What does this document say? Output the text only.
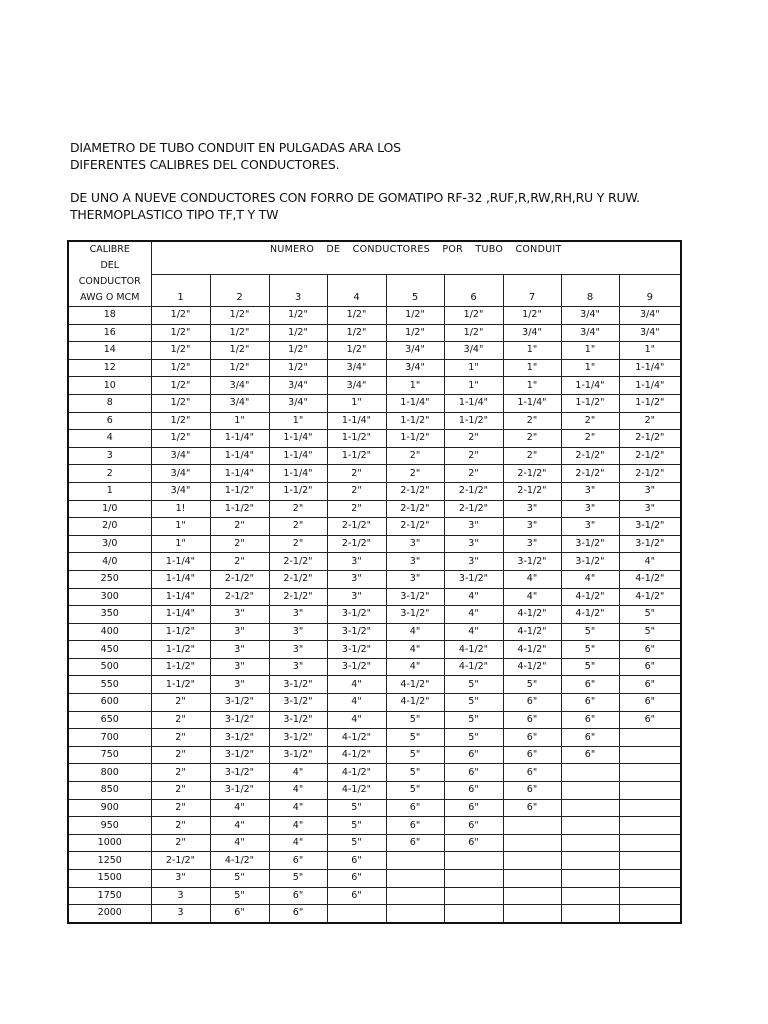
DIAMETRO DE TUBO CONDUIT EN PULGADAS ARA LOS

DIFERENTES CALIBRES DEL CONDUCTORES.

DE UNO A NUEVE CONDUCTORES CON FORRO DE GOMATIPO RF-32 ,RUF,R,RW,RH,RU Y RUW.

THERMOPLASTICO TIPO TF,T Y TW

CALIBRE
DEL
CONDUCTOR
AWG O MCM	NUMERO DE CONDUCTORES POR TUBO CONDUIT								
	1	2	3	4	5	6	7	8	9
18	1/2"	1/2"	1/2"	1/2"	1/2"	1/2"	1/2"	3/4"	3/4"
16	1/2"	1/2"	1/2"	1/2"	1/2"	1/2"	3/4"	3/4"	3/4"
14	1/2"	1/2"	1/2"	1/2"	3/4"	3/4"	1"	1"	1"
12	1/2"	1/2"	1/2"	3/4"	3/4"	1"	1"	1"	1-1/4"
10	1/2"	3/4"	3/4"	3/4"	1"	1"	1"	1-1/4"	1-1/4"
8	1/2"	3/4"	3/4"	1"	1-1/4"	1-1/4"	1-1/4"	1-1/2"	1-1/2"
6	1/2"	1"	1"	1-1/4"	1-1/2"	1-1/2"	2"	2"	2"
4	1/2"	1-1/4"	1-1/4"	1-1/2"	1-1/2"	2"	2"	2"	2-1/2"
3	3/4"	1-1/4"	1-1/4"	1-1/2"	2"	2"	2"	2-1/2"	2-1/2"
2	3/4"	1-1/4"	1-1/4"	2"	2"	2"	2-1/2"	2-1/2"	2-1/2"
1	3/4"	1-1/2"	1-1/2"	2"	2-1/2"	2-1/2"	2-1/2"	3"	3"
1/0	1!	1-1/2"	2"	2"	2-1/2"	2-1/2"	3"	3"	3"
2/0	1"	2"	2"	2-1/2"	2-1/2"	3"	3"	3"	3-1/2"
3/0	1"	2"	2"	2-1/2"	3"	3"	3"	3-1/2"	3-1/2"
4/0	1-1/4"	2"	2-1/2"	3"	3"	3"	3-1/2"	3-1/2"	4"
250	1-1/4"	2-1/2"	2-1/2"	3"	3"	3-1/2"	4"	4"	4-1/2"
300	1-1/4"	2-1/2"	2-1/2"	3"	3-1/2"	4"	4"	4-1/2"	4-1/2"
350	1-1/4"	3"	3"	3-1/2"	3-1/2"	4"	4-1/2"	4-1/2"	5"
400	1-1/2"	3"	3"	3-1/2"	4"	4"	4-1/2"	5"	5"
450	1-1/2"	3"	3"	3-1/2"	4"	4-1/2"	4-1/2"	5"	6"
500	1-1/2"	3"	3"	3-1/2"	4"	4-1/2"	4-1/2"	5"	6"
550	1-1/2"	3"	3-1/2"	4"	4-1/2"	5"	5"	6"	6"
600	2"	3-1/2"	3-1/2"	4"	4-1/2"	5"	6"	6"	6"
650	2"	3-1/2"	3-1/2"	4"	5"	5"	6"	6"	6"
700	2"	3-1/2"	3-1/2"	4-1/2"	5"	5"	6"	6"	
750	2"	3-1/2"	3-1/2"	4-1/2"	5"	6"	6"	6"	
800	2"	3-1/2"	4"	4-1/2"	5"	6"	6"		
850	2"	3-1/2"	4"	4-1/2"	5"	6"	6"		
900	2"	4"	4"	5"	6"	6"	6"		
950	2"	4"	4"	5"	6"	6"			
1000	2"	4"	4"	5"	6"	6"			
1250	2-1/2"	4-1/2"	6"	6"					
1500	3"	5"	5"	6"					
1750	3	5"	6"	6"					
2000	3	6"	6"						
